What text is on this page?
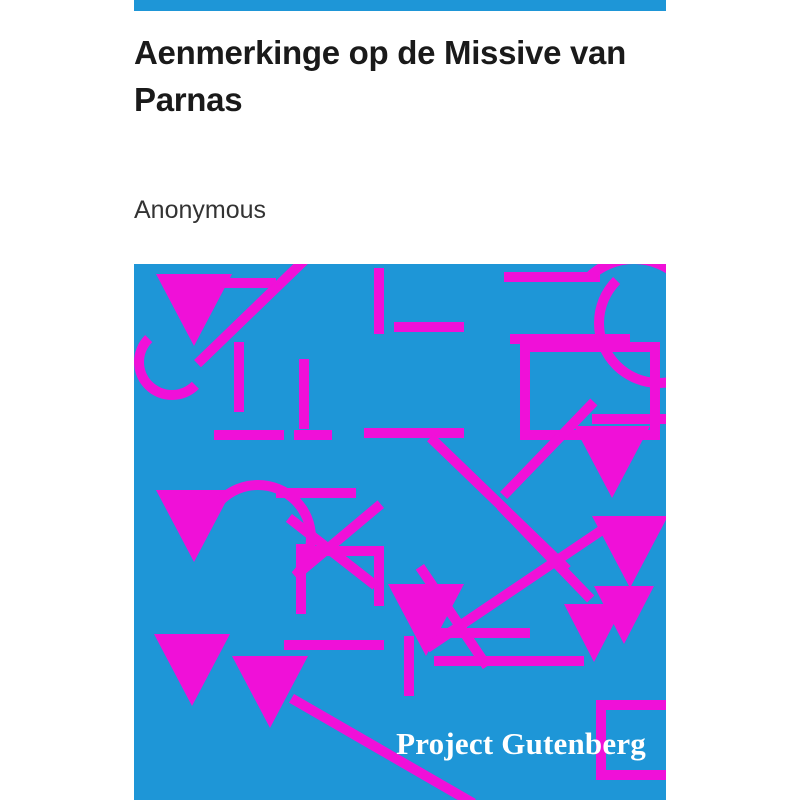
Aenmerkinge op de Missive van
Parnas
Anonymous
Project Gutenberg
